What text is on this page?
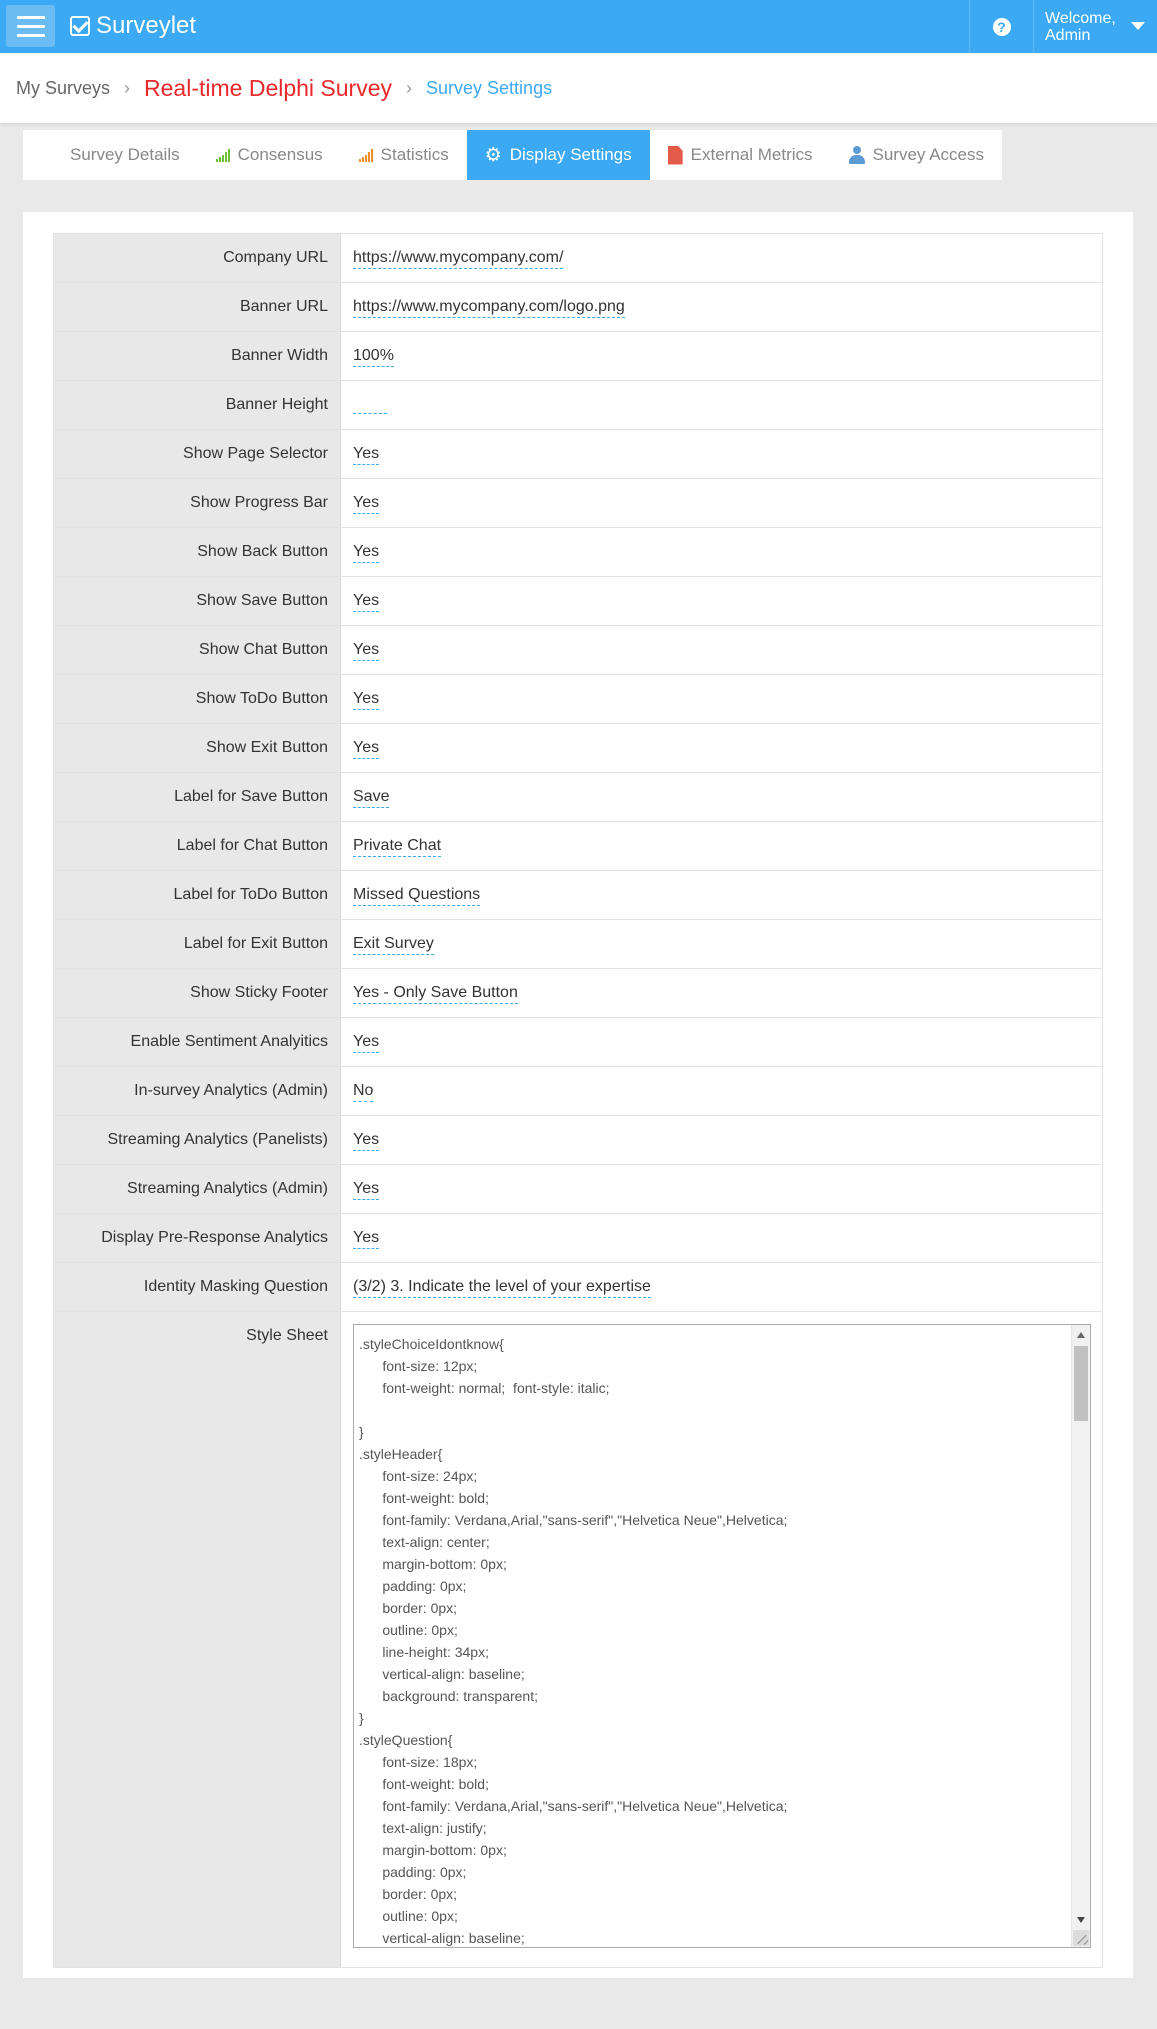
Surveylet	? Welcome,
Admin
My Surveys › Real-time Delphi Survey › Survey Settings
Survey Details	Consensus	Statistics ⚙ Display Settings	External Metrics	Survey Access
Company URL	https://www.mycompany.com/
Banner URL	https://www.mycompany.com/logo.png
Banner Width	100%
Banner Height
Show Page Selector	Yes
Show Progress Bar	Yes
Show Back Button	Yes
Show Save Button	Yes
Show Chat Button	Yes
Show ToDo Button	Yes
Show Exit Button	Yes
Label for Save Button	Save
Label for Chat Button	Private Chat
Label for ToDo Button	Missed Questions
Label for Exit Button	Exit Survey
Show Sticky Footer	Yes - Only Save Button
Enable Sentiment Analyitics	Yes
In-survey Analytics (Admin)	No
Streaming Analytics (Panelists)	Yes
Streaming Analytics (Admin)	Yes
Display Pre-Response Analytics	Yes
Identity Masking Question	(3/2) 3. Indicate the level of your expertise
Style Sheet	.styleChoiceIdontknow{
font-size: 12px;
font-weight: normal;  font-style: italic;

}
.styleHeader{
font-size: 24px;
font-weight: bold;
font-family: Verdana,Arial,"sans-serif","Helvetica Neue",Helvetica;
text-align: center;
margin-bottom: 0px;
padding: 0px;
border: 0px;
outline: 0px;
line-height: 34px;
vertical-align: baseline;
background: transparent;
}
.styleQuestion{
font-size: 18px;
font-weight: bold;
font-family: Verdana,Arial,"sans-serif","Helvetica Neue",Helvetica;
text-align: justify;
margin-bottom: 0px;
padding: 0px;
border: 0px;
outline: 0px;
vertical-align: baseline;
